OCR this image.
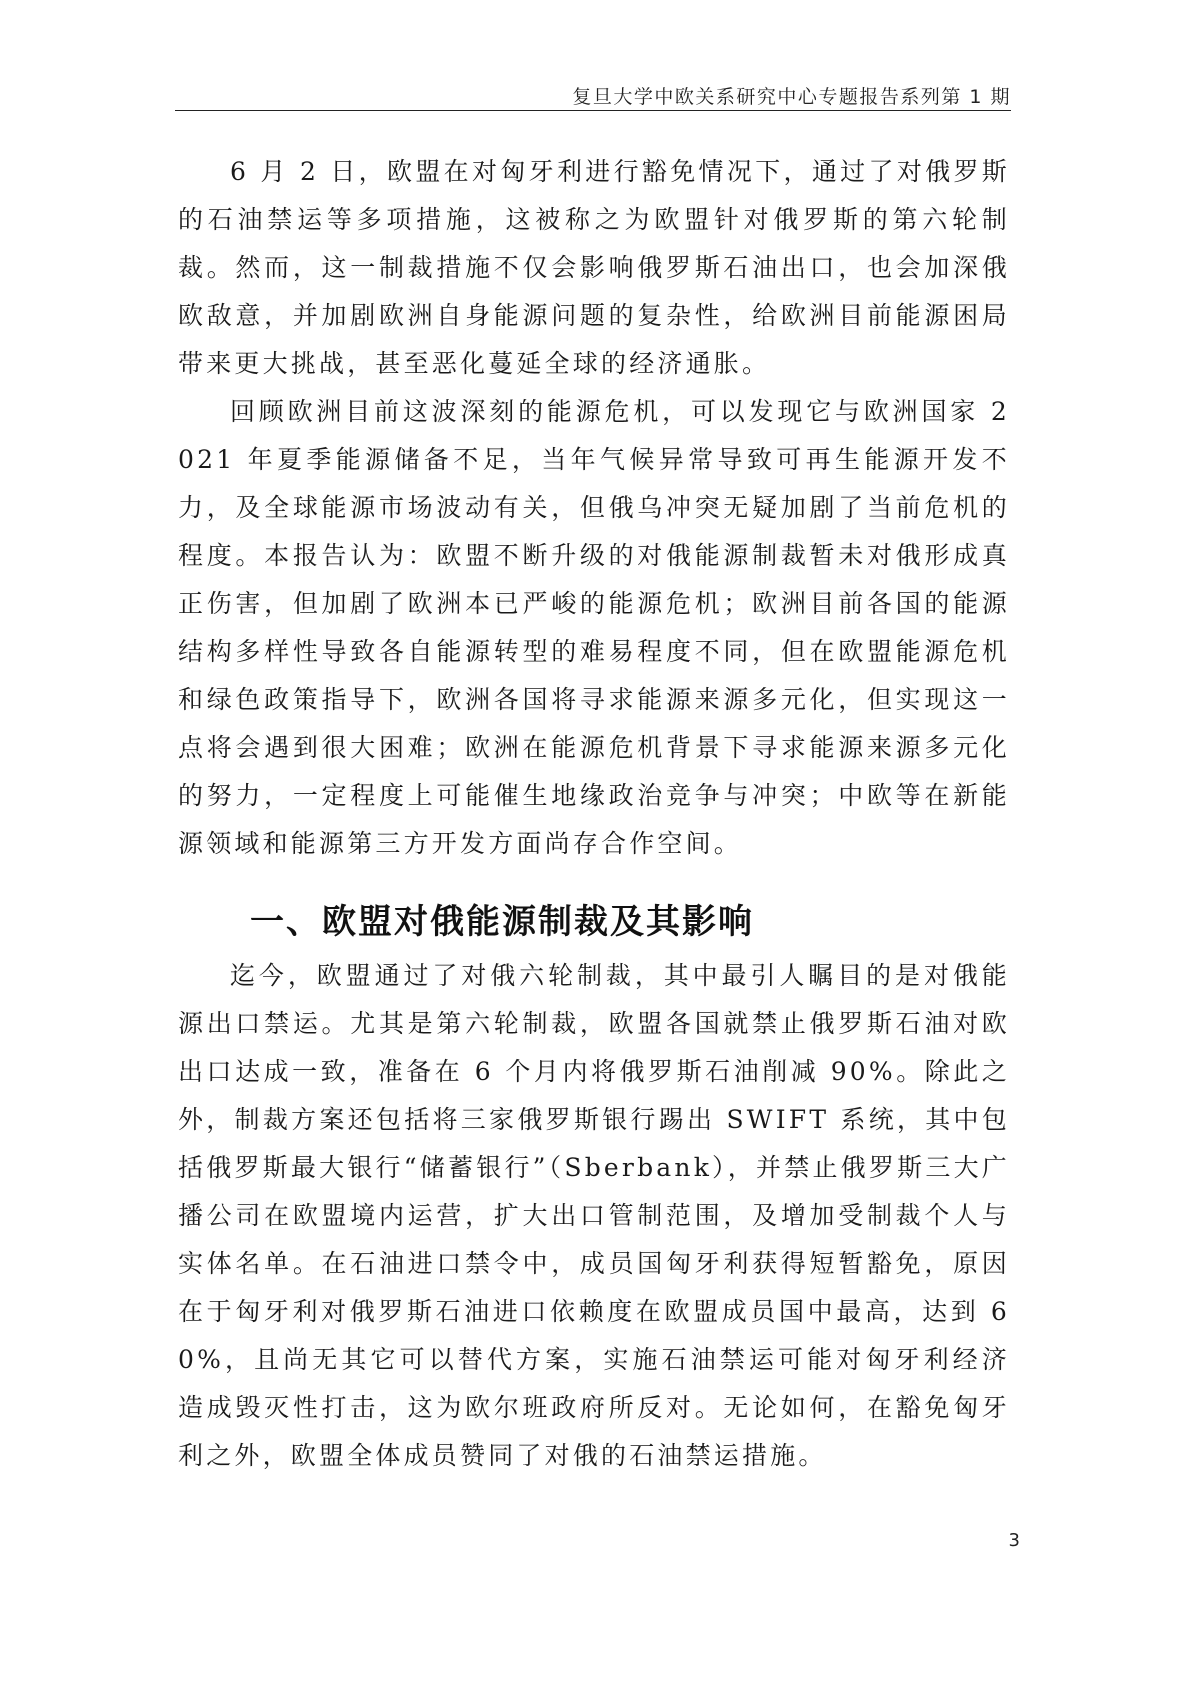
复旦大学中欧关系研究中心专题报告系列第 1 期

6 月 2 日，欧盟在对匈牙利进行豁免情况下，通过了对俄罗斯的石油禁运等多项措施，这被称之为欧盟针对俄罗斯的第六轮制裁。然而，这一制裁措施不仅会影响俄罗斯石油出口，也会加深俄欧敌意，并加剧欧洲自身能源问题的复杂性，给欧洲目前能源困局带来更大挑战，甚至恶化蔓延全球的经济通胀。

回顾欧洲目前这波深刻的能源危机，可以发现它与欧洲国家 2021 年夏季能源储备不足，当年气候异常导致可再生能源开发不力，及全球能源市场波动有关，但俄乌冲突无疑加剧了当前危机的程度。本报告认为：欧盟不断升级的对俄能源制裁暂未对俄形成真正伤害，但加剧了欧洲本已严峻的能源危机；欧洲目前各国的能源结构多样性导致各自能源转型的难易程度不同，但在欧盟能源危机和绿色政策指导下，欧洲各国将寻求能源来源多元化，但实现这一点将会遇到很大困难；欧洲在能源危机背景下寻求能源来源多元化的努力，一定程度上可能催生地缘政治竞争与冲突；中欧等在新能源领域和能源第三方开发方面尚存合作空间。

一、欧盟对俄能源制裁及其影响

迄今，欧盟通过了对俄六轮制裁，其中最引人瞩目的是对俄能源出口禁运。尤其是第六轮制裁，欧盟各国就禁止俄罗斯石油对欧出口达成一致，准备在 6 个月内将俄罗斯石油削减 90%。除此之外，制裁方案还包括将三家俄罗斯银行踢出 SWIFT 系统，其中包括俄罗斯最大银行“储蓄银行”（Sberbank），并禁止俄罗斯三大广播公司在欧盟境内运营，扩大出口管制范围，及增加受制裁个人与实体名单。在石油进口禁令中，成员国匈牙利获得短暂豁免，原因在于匈牙利对俄罗斯石油进口依赖度在欧盟成员国中最高，达到 60%，且尚无其它可以替代方案，实施石油禁运可能对匈牙利经济造成毁灭性打击，这为欧尔班政府所反对。无论如何，在豁免匈牙利之外，欧盟全体成员赞同了对俄的石油禁运措施。

3
